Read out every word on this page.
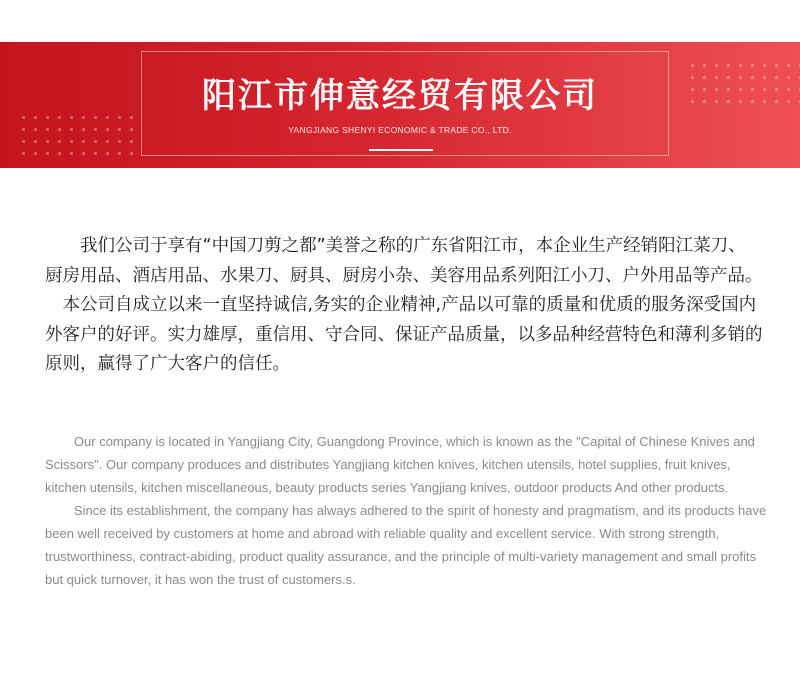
阳江市伸意经贸有限公司
YANGJIANG SHENYI ECONOMIC & TRADE CO., LTD.

我们公司于享有“中国刀剪之都”美誉之称的广东省阳江市，本企业生产经销阳江菜刀、厨房用品、酒店用品、水果刀、厨具、厨房小杂、美容用品系列阳江小刀、户外用品等产品。

本公司自成立以来一直坚持诚信,务实的企业精神,产品以可靠的质量和优质的服务深受国内外客户的好评。实力雄厚，重信用、守合同、保证产品质量，以多品种经营特色和薄利多销的原则，赢得了广大客户的信任。

Our company is located in Yangjiang City, Guangdong Province, which is known as the "Capital of Chinese Knives and Scissors". Our company produces and distributes Yangjiang kitchen knives, kitchen utensils, hotel supplies, fruit knives, kitchen utensils, kitchen miscellaneous, beauty products series Yangjiang knives, outdoor products And other products.

Since its establishment, the company has always adhered to the spirit of honesty and pragmatism, and its products have been well received by customers at home and abroad with reliable quality and excellent service. With strong strength, trustworthiness, contract-abiding, product quality assurance, and the principle of multi-variety management and small profits but quick turnover, it has won the trust of customers.s.
